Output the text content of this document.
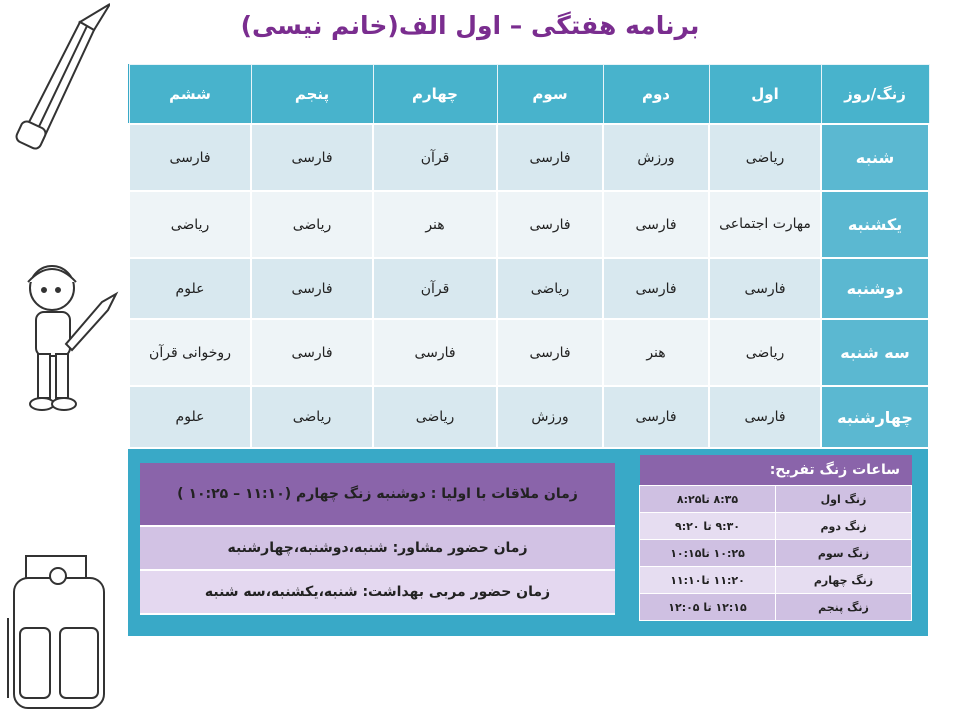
برنامه هفتگی – اول الف(خانم نیسی)
زنگ/روز	اول	دوم	سوم	چهارم	پنجم	ششم
شنبه	ریاضی	ورزش	فارسی	قرآن	فارسی	فارسی
یکشنبه	مهارت اجتماعی	فارسی	فارسی	هنر	ریاضی	ریاضی
دوشنبه	فارسی	فارسی	ریاضی	قرآن	فارسی	علوم
سه شنبه	ریاضی	هنر	فارسی	فارسی	فارسی	روخوانی قرآن
چهارشنبه	فارسی	فارسی	ورزش	ریاضی	ریاضی	علوم
زمان ملاقات با اولیا : دوشنبه زنگ چهارم (۱۱:۱۰ – ۱۰:۲۵ )
زمان حضور مشاور: شنبه،دوشنبه،چهارشنبه
زمان حضور مربی بهداشت: شنبه،یکشنبه،سه شنبه
ساعات زنگ تفریح:
زنگ اول	۸:۳۵ تا۸:۲۵
زنگ دوم	۹:۳۰ تا ۹:۲۰
زنگ سوم	۱۰:۲۵ تا۱۰:۱۵
زنگ چهارم	۱۱:۲۰ تا۱۱:۱۰
زنگ پنجم	۱۲:۱۵ تا ۱۲:۰۵
